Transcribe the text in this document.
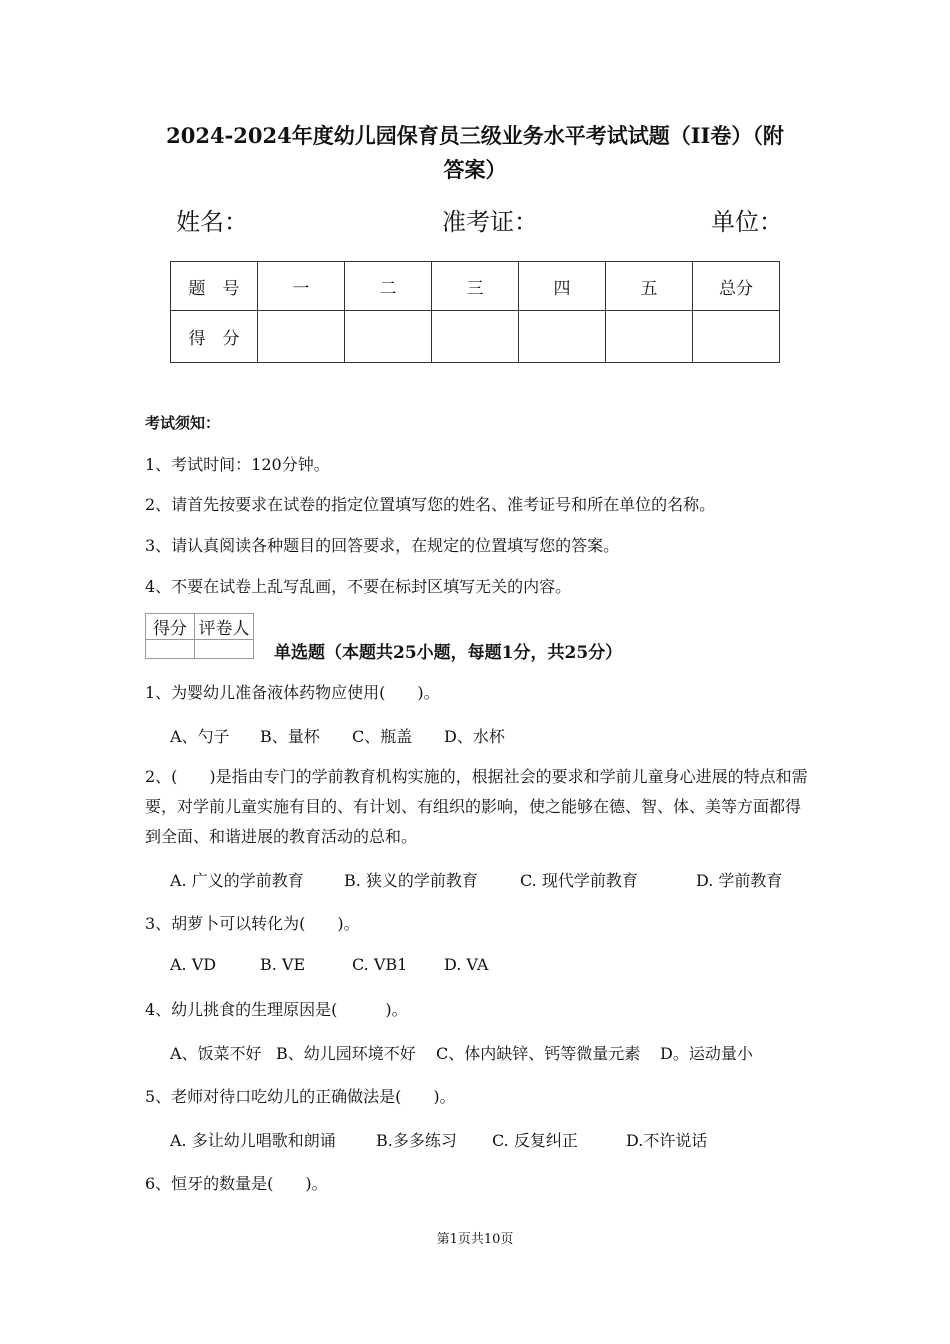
2024-2024年度幼儿园保育员三级业务水平考试试题（II卷）（附
答案）
姓名：	准考证：	单位：
题　号	一	二	三	四	五	总分
得　分						
考试须知：
1、考试时间：120分钟。
2、请首先按要求在试卷的指定位置填写您的姓名、准考证号和所在单位的名称。
3、请认真阅读各种题目的回答要求，在规定的位置填写您的答案。
4、不要在试卷上乱写乱画，不要在标封区填写无关的内容。
得分	评卷人

单选题（本题共25小题，每题1分，共25分）
1、为婴幼儿准备液体药物应使用(　　)。
A、勺子 B、量杯 C、瓶盖 D、水杯
2、(　　)是指由专门的学前教育机构实施的，根据社会的要求和学前儿童身心进展的特点和需要，对学前儿童实施有目的、有计划、有组织的影响，使之能够在德、智、体、美等方面都得到全面、和谐进展的教育活动的总和。
A. 广义的学前教育	B. 狭义的学前教育	C. 现代学前教育	D. 学前教育
3、胡萝卜可以转化为(　　)。
A. VD	B. VE	C. VB1 D. VA
4、幼儿挑食的生理原因是(　　　)。
A、饭菜不好 B、幼儿园环境不好 C、体内缺锌、钙等微量元素 D。运动量小
5、老师对待口吃幼儿的正确做法是(　　)。
A. 多让幼儿唱歌和朗诵	B.多多练习 C. 反复纠正	D.不许说话
6、恒牙的数量是(　　)。
第1页共10页
